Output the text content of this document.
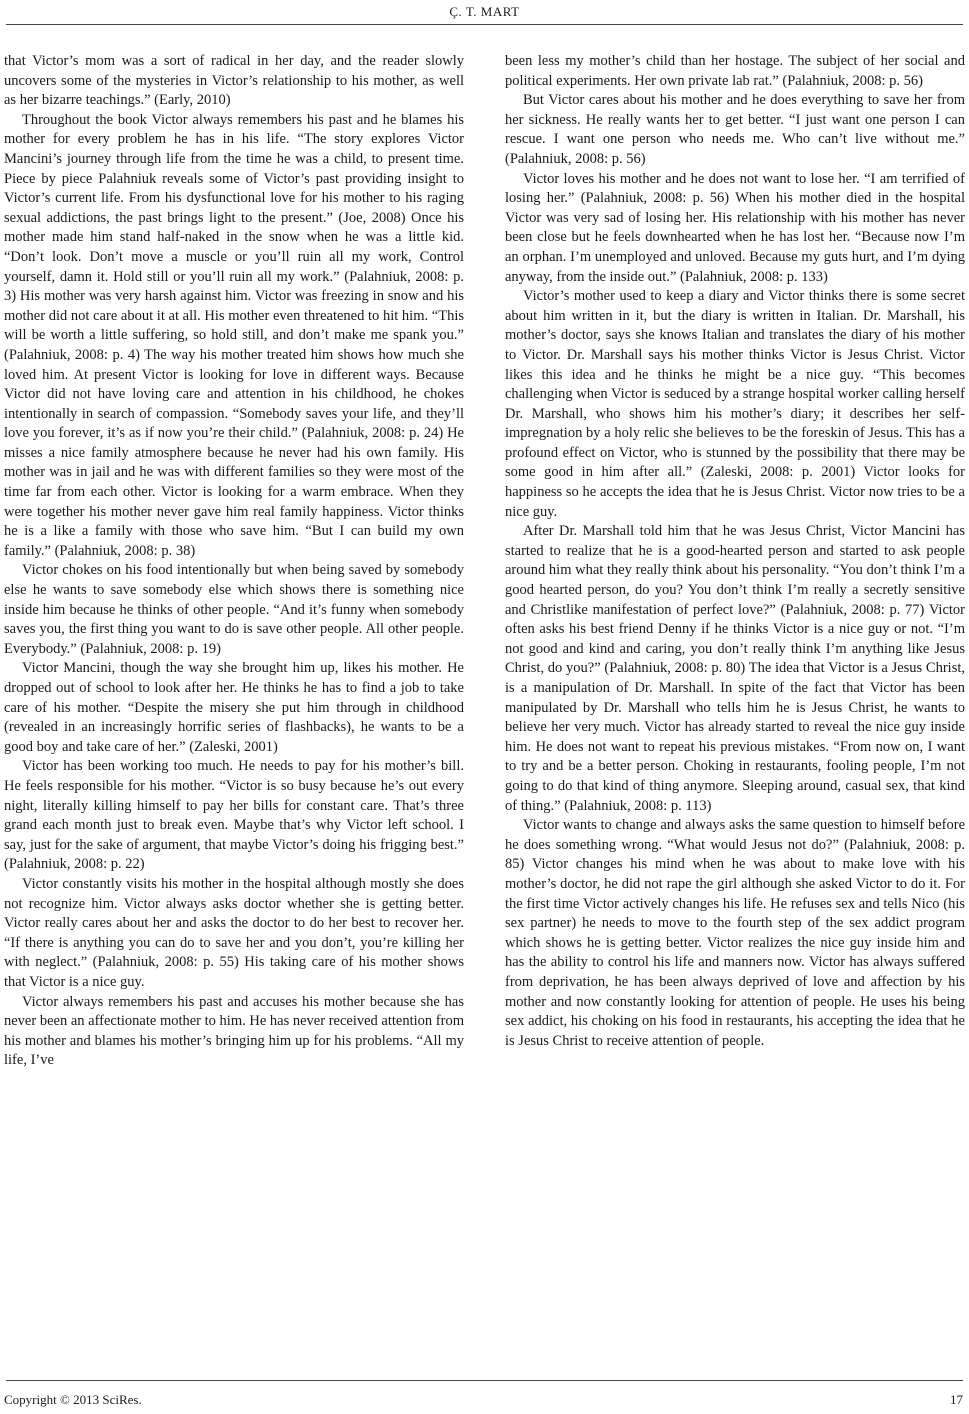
Ç. T. MART

that Victor’s mom was a sort of radical in her day, and the reader slowly uncovers some of the mysteries in Victor’s relationship to his mother, as well as her bizarre teachings.” (Early, 2010)

Throughout the book Victor always remembers his past and he blames his mother for every problem he has in his life. “The story explores Victor Mancini’s journey through life from the time he was a child, to present time. Piece by piece Palahniuk reveals some of Victor’s past providing insight to Victor’s current life. From his dysfunctional love for his mother to his raging sexual addictions, the past brings light to the present.” (Joe, 2008) Once his mother made him stand half-naked in the snow when he was a little kid. “Don’t look. Don’t move a muscle or you’ll ruin all my work, Control yourself, damn it. Hold still or you’ll ruin all my work.” (Palahniuk, 2008: p. 3) His mother was very harsh against him. Victor was freezing in snow and his mother did not care about it at all. His mother even threatened to hit him. “This will be worth a little suffering, so hold still, and don’t make me spank you.” (Palahniuk, 2008: p. 4) The way his mother treated him shows how much she loved him. At present Victor is looking for love in different ways. Because Victor did not have loving care and attention in his childhood, he chokes intentionally in search of compassion. “Somebody saves your life, and they’ll love you forever, it’s as if now you’re their child.” (Palahniuk, 2008: p. 24) He misses a nice family atmosphere because he never had his own family. His mother was in jail and he was with different families so they were most of the time far from each other. Victor is looking for a warm embrace. When they were together his mother never gave him real family happiness. Victor thinks he is a like a family with those who save him. “But I can build my own family.” (Palahniuk, 2008: p. 38)

Victor chokes on his food intentionally but when being saved by somebody else he wants to save somebody else which shows there is something nice inside him because he thinks of other people. “And it’s funny when somebody saves you, the first thing you want to do is save other people. All other people. Everybody.” (Palahniuk, 2008: p. 19)

Victor Mancini, though the way she brought him up, likes his mother. He dropped out of school to look after her. He thinks he has to find a job to take care of his mother. “Despite the misery she put him through in childhood (revealed in an increasingly horrific series of flashbacks), he wants to be a good boy and take care of her.” (Zaleski, 2001)

Victor has been working too much. He needs to pay for his mother’s bill. He feels responsible for his mother. “Victor is so busy because he’s out every night, literally killing himself to pay her bills for constant care. That’s three grand each month just to break even. Maybe that’s why Victor left school. I say, just for the sake of argument, that maybe Victor’s doing his frigging best.” (Palahniuk, 2008: p. 22)

Victor constantly visits his mother in the hospital although mostly she does not recognize him. Victor always asks doctor whether she is getting better. Victor really cares about her and asks the doctor to do her best to recover her. “If there is anything you can do to save her and you don’t, you’re killing her with neglect.” (Palahniuk, 2008: p. 55) His taking care of his mother shows that Victor is a nice guy.

Victor always remembers his past and accuses his mother because she has never been an affectionate mother to him. He has never received attention from his mother and blames his mother’s bringing him up for his problems. “All my life, I’ve

been less my mother’s child than her hostage. The subject of her social and political experiments. Her own private lab rat.” (Palahniuk, 2008: p. 56)

But Victor cares about his mother and he does everything to save her from her sickness. He really wants her to get better. “I just want one person I can rescue. I want one person who needs me. Who can’t live without me.” (Palahniuk, 2008: p. 56)

Victor loves his mother and he does not want to lose her. “I am terrified of losing her.” (Palahniuk, 2008: p. 56) When his mother died in the hospital Victor was very sad of losing her. His relationship with his mother has never been close but he feels downhearted when he has lost her. “Because now I’m an orphan. I’m unemployed and unloved. Because my guts hurt, and I’m dying anyway, from the inside out.” (Palahniuk, 2008: p. 133)

Victor’s mother used to keep a diary and Victor thinks there is some secret about him written in it, but the diary is written in Italian. Dr. Marshall, his mother’s doctor, says she knows Italian and translates the diary of his mother to Victor. Dr. Marshall says his mother thinks Victor is Jesus Christ. Victor likes this idea and he thinks he might be a nice guy. “This becomes challenging when Victor is seduced by a strange hospital worker calling herself Dr. Marshall, who shows him his mother’s diary; it describes her self-impregnation by a holy relic she believes to be the foreskin of Jesus. This has a profound effect on Victor, who is stunned by the possibility that there may be some good in him after all.” (Zaleski, 2008: p. 2001) Victor looks for happiness so he accepts the idea that he is Jesus Christ. Victor now tries to be a nice guy.

After Dr. Marshall told him that he was Jesus Christ, Victor Mancini has started to realize that he is a good-hearted person and started to ask people around him what they really think about his personality. “You don’t think I’m a good hearted person, do you? You don’t think I’m really a secretly sensitive and Christlike manifestation of perfect love?” (Palahniuk, 2008: p. 77) Victor often asks his best friend Denny if he thinks Victor is a nice guy or not. “I’m not good and kind and caring, you don’t really think I’m anything like Jesus Christ, do you?” (Palahniuk, 2008: p. 80) The idea that Victor is a Jesus Christ, is a manipulation of Dr. Marshall. In spite of the fact that Victor has been manipulated by Dr. Marshall who tells him he is Jesus Christ, he wants to believe her very much. Victor has already started to reveal the nice guy inside him. He does not want to repeat his previous mistakes. “From now on, I want to try and be a better person. Choking in restaurants, fooling people, I’m not going to do that kind of thing anymore. Sleeping around, casual sex, that kind of thing.” (Palahniuk, 2008: p. 113)

Victor wants to change and always asks the same question to himself before he does something wrong. “What would Jesus not do?” (Palahniuk, 2008: p. 85) Victor changes his mind when he was about to make love with his mother’s doctor, he did not rape the girl although she asked Victor to do it. For the first time Victor actively changes his life. He refuses sex and tells Nico (his sex partner) he needs to move to the fourth step of the sex addict program which shows he is getting better. Victor realizes the nice guy inside him and has the ability to control his life and manners now. Victor has always suffered from deprivation, he has been always deprived of love and affection by his mother and now constantly looking for attention of people. He uses his being sex addict, his choking on his food in restaurants, his accepting the idea that he is Jesus Christ to receive attention of people.

Copyright © 2013 SciRes.	17
